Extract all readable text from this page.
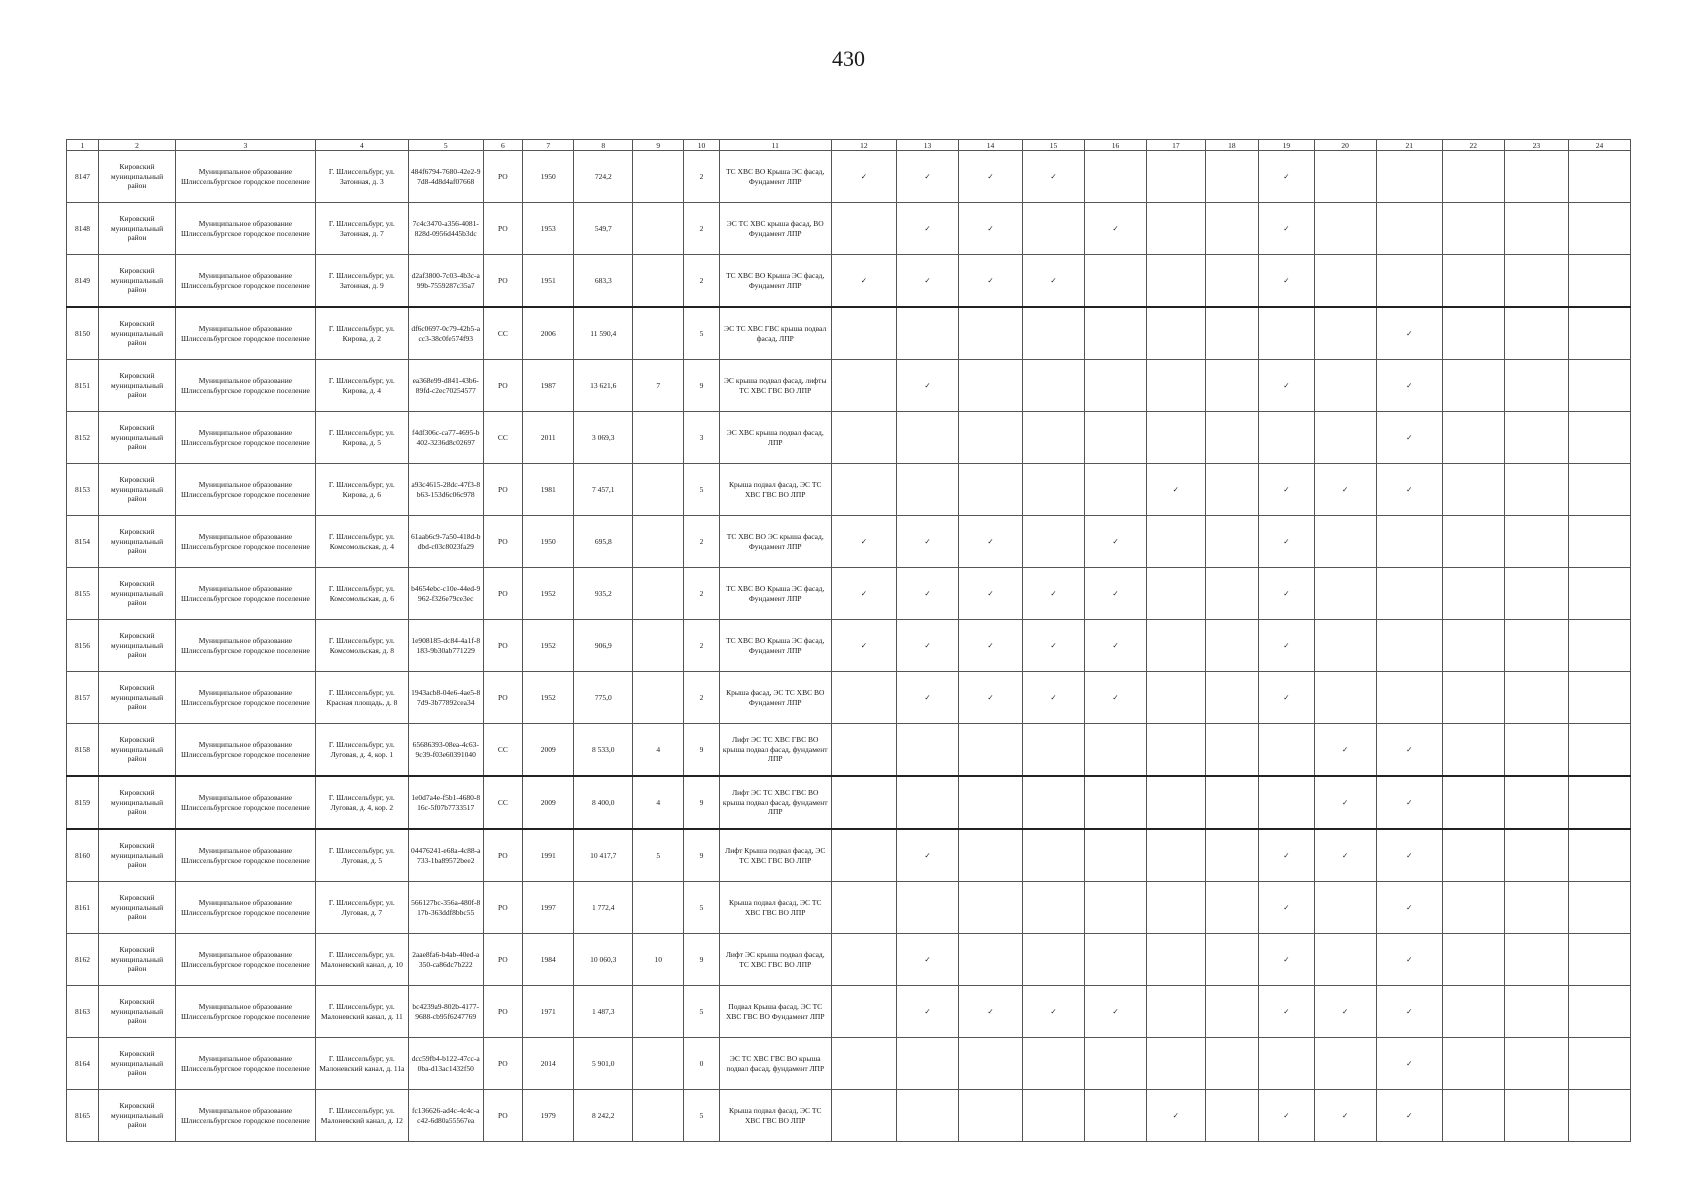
430
1	2	3	4	5	6	7	8	9	10	11	12	13	14	15	16	17	18	19	20	21	22	23	24
8147	Кировский муниципальный район	Муниципальное образование Шлиссельбургское городское поселение	Г. Шлиссельбург, ул. Затонная, д. 3	484f6794-7680-42e2-97d8-4d8d4af07668	РО	1950	724,2		2	ТС ХВС ВО Крыша ЭС фасад, Фундамент ЛПР	✓	✓	✓	✓				✓					
8148	Кировский муниципальный район	Муниципальное образование Шлиссельбургское городское поселение	Г. Шлиссельбург, ул. Затонная, д. 7	7c4c3470-a356-4081-828d-0956d445b3dc	РО	1953	549,7		2	ЭС ТС ХВС крыша фасад, ВО Фундамент ЛПР		✓	✓		✓			✓					
8149	Кировский муниципальный район	Муниципальное образование Шлиссельбургское городское поселение	Г. Шлиссельбург, ул. Затонная, д. 9	d2af3800-7c03-4b3c-a99b-7559287c35a7	РО	1951	683,3		2	ТС ХВС ВО Крыша ЭС фасад, Фундамент ЛПР	✓	✓	✓	✓				✓					
8150	Кировский муниципальный район	Муниципальное образование Шлиссельбургское городское поселение	Г. Шлиссельбург, ул. Кирова, д. 2	df6c0697-0c79-42b5-acc3-38c0fe574f93	СС	2006	11 590,4		5	ЭС ТС ХВС ГВС крыша подвал фасад, ЛПР										✓			
8151	Кировский муниципальный район	Муниципальное образование Шлиссельбургское городское поселение	Г. Шлиссельбург, ул. Кирова, д. 4	ea368e99-d841-43b6-89fd-c2ec70254577	РО	1987	13 621,6	7	9	ЭС крыша подвал фасад, лифты ТС ХВС ГВС ВО ЛПР		✓						✓		✓			
8152	Кировский муниципальный район	Муниципальное образование Шлиссельбургское городское поселение	Г. Шлиссельбург, ул. Кирова, д. 5	f4df306c-ca77-4695-b402-3236d8c02697	СС	2011	3 069,3		3	ЭС ХВС крыша подвал фасад, ЛПР										✓			
8153	Кировский муниципальный район	Муниципальное образование Шлиссельбургское городское поселение	Г. Шлиссельбург, ул. Кирова, д. 6	a93c4615-28dc-47f3-8b63-153d6c06c978	РО	1981	7 457,1		5	Крыша подвал фасад, ЭС ТС ХВС ГВС ВО ЛПР						✓		✓	✓	✓			
8154	Кировский муниципальный район	Муниципальное образование Шлиссельбургское городское поселение	Г. Шлиссельбург, ул. Комсомольская, д. 4	61aab6c9-7a50-418d-bdbd-c03c8023fa29	РО	1950	695,8		2	ТС ХВС ВО ЭС крыша фасад, Фундамент ЛПР	✓	✓	✓		✓			✓					
8155	Кировский муниципальный район	Муниципальное образование Шлиссельбургское городское поселение	Г. Шлиссельбург, ул. Комсомольская, д. 6	b4654ebc-c10e-44ed-9962-f326e79ce3ec	РО	1952	935,2		2	ТС ХВС ВО Крыша ЭС фасад, Фундамент ЛПР	✓	✓	✓	✓	✓			✓					
8156	Кировский муниципальный район	Муниципальное образование Шлиссельбургское городское поселение	Г. Шлиссельбург, ул. Комсомольская, д. 8	1e908185-dc84-4a1f-8183-9b30ab771229	РО	1952	906,9		2	ТС ХВС ВО Крыша ЭС фасад, Фундамент ЛПР	✓	✓	✓	✓	✓			✓					
8157	Кировский муниципальный район	Муниципальное образование Шлиссельбургское городское поселение	Г. Шлиссельбург, ул. Красная площадь, д. 8	1943acb8-04e6-4ae5-87d9-3b77892cea34	РО	1952	775,0		2	Крыша фасад, ЭС ТС ХВС ВО Фундамент ЛПР		✓	✓	✓	✓			✓					
8158	Кировский муниципальный район	Муниципальное образование Шлиссельбургское городское поселение	Г. Шлиссельбург, ул. Луговая, д. 4, кор. 1	65686393-08ea-4c63-9c39-f03e60391040	СС	2009	8 533,0	4	9	Лифт ЭС ТС ХВС ГВС ВО крыша подвал фасад, фундамент ЛПР									✓	✓			
8159	Кировский муниципальный район	Муниципальное образование Шлиссельбургское городское поселение	Г. Шлиссельбург, ул. Луговая, д. 4, кор. 2	1e0d7a4e-f5b1-4680-816c-5f07b7733517	СС	2009	8 400,0	4	9	Лифт ЭС ТС ХВС ГВС ВО крыша подвал фасад, фундамент ЛПР									✓	✓			
8160	Кировский муниципальный район	Муниципальное образование Шлиссельбургское городское поселение	Г. Шлиссельбург, ул. Луговая, д. 5	04476241-e68a-4c88-a733-1ba89572bee2	РО	1991	10 417,7	5	9	Лифт Крыша подвал фасад, ЭС ТС ХВС ГВС ВО ЛПР		✓						✓	✓	✓			
8161	Кировский муниципальный район	Муниципальное образование Шлиссельбургское городское поселение	Г. Шлиссельбург, ул. Луговая, д. 7	566127bc-356a-480f-817b-363ddf8bbc55	РО	1997	1 772,4		5	Крыша подвал фасад, ЭС ТС ХВС ГВС ВО ЛПР								✓		✓			
8162	Кировский муниципальный район	Муниципальное образование Шлиссельбургское городское поселение	Г. Шлиссельбург, ул. Малоневский канал, д. 10	2aae8fa6-b4ab-40ed-a350-ca86dc7b222	РО	1984	10 060,3	10	9	Лифт ЭС крыша подвал фасад, ТС ХВС ГВС ВО ЛПР		✓						✓		✓			
8163	Кировский муниципальный район	Муниципальное образование Шлиссельбургское городское поселение	Г. Шлиссельбург, ул. Малоневский канал, д. 11	bc4239a9-802b-4177-9688-cb95f6247769	РО	1971	1 487,3		5	Подвал Крыша фасад, ЭС ТС ХВС ГВС ВО Фундамент ЛПР		✓	✓	✓	✓			✓	✓	✓			
8164	Кировский муниципальный район	Муниципальное образование Шлиссельбургское городское поселение	Г. Шлиссельбург, ул. Малоневский канал, д. 11а	dcc59fb4-b122-47cc-a0ba-d13ac1432f50	РО	2014	5 901,0		0	ЭС ТС ХВС ГВС ВО крыша подвал фасад, фундамент ЛПР										✓			
8165	Кировский муниципальный район	Муниципальное образование Шлиссельбургское городское поселение	Г. Шлиссельбург, ул. Малоневский канал, д. 12	fc136626-ad4c-4c4c-ac42-6d80a55567ea	РО	1979	8 242,2		5	Крыша подвал фасад, ЭС ТС ХВС ГВС ВО ЛПР						✓		✓	✓	✓			
